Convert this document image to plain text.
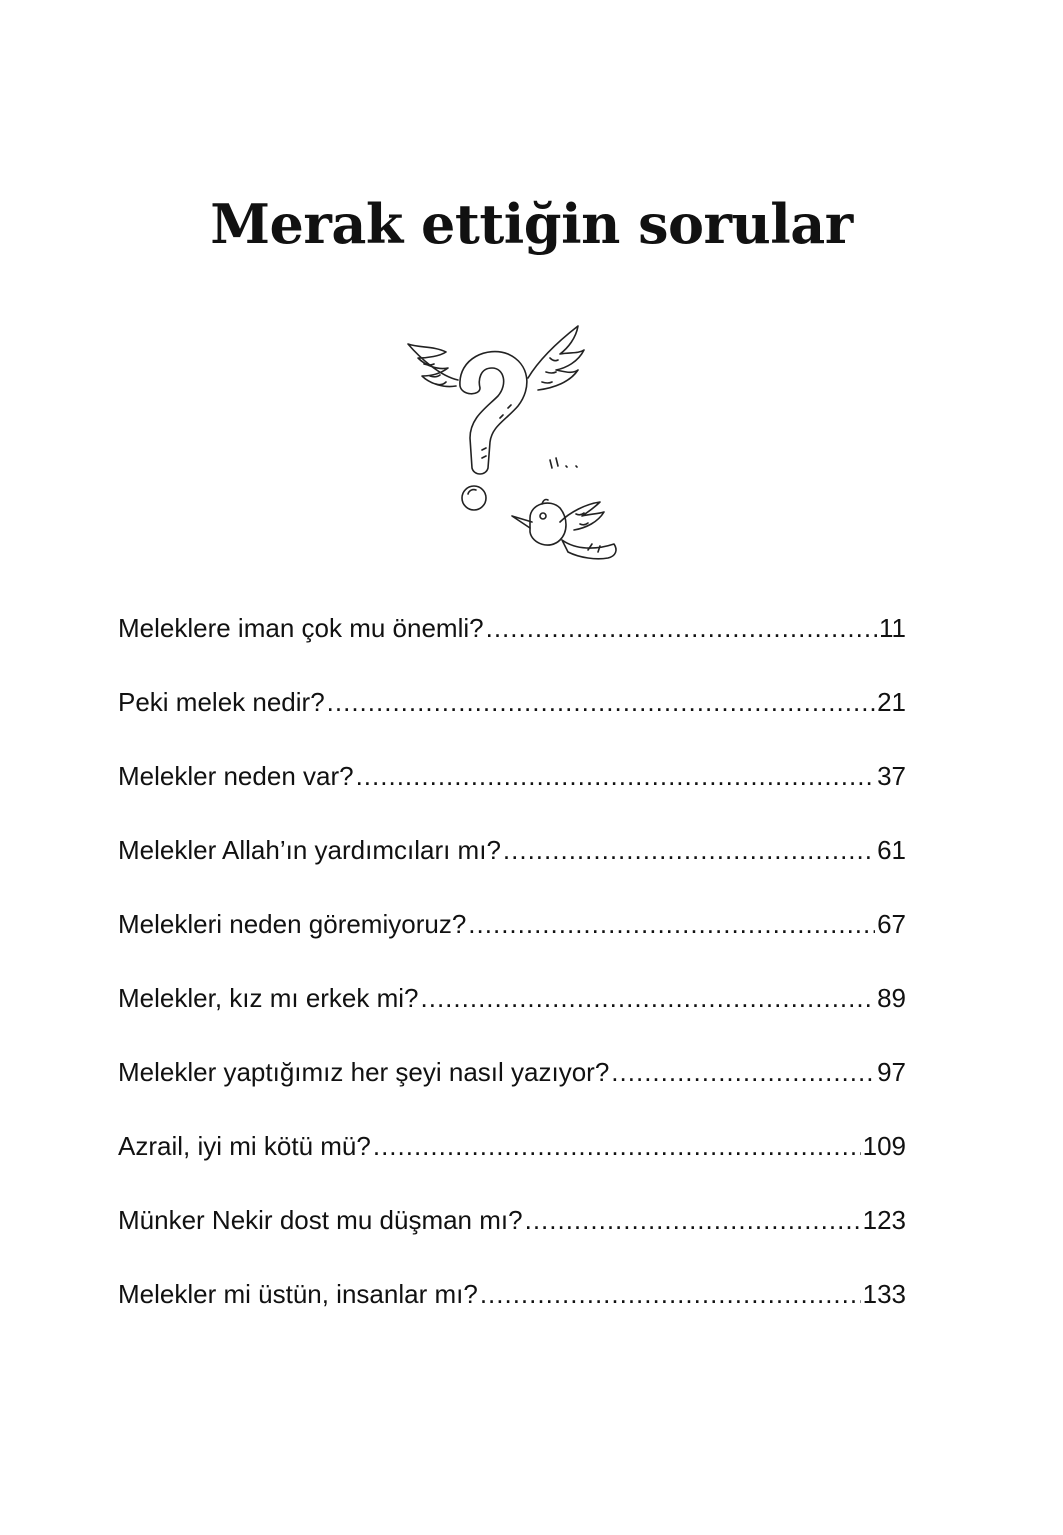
Merak ettiğin sorular
Meleklere iman çok mu önemli? .....	11
Peki melek nedir? .....	21
Melekler neden var? .....	37
Melekler Allah’ın yardımcıları mı? .....	61
Melekleri neden göremiyoruz? .....	67
Melekler, kız mı erkek mi? .....	89
Melekler yaptığımız her şeyi nasıl yazıyor? .....	97
Azrail, iyi mi kötü mü? .....	109
Münker Nekir dost mu düşman mı? .....	123
Melekler mi üstün, insanlar mı? .....	133
